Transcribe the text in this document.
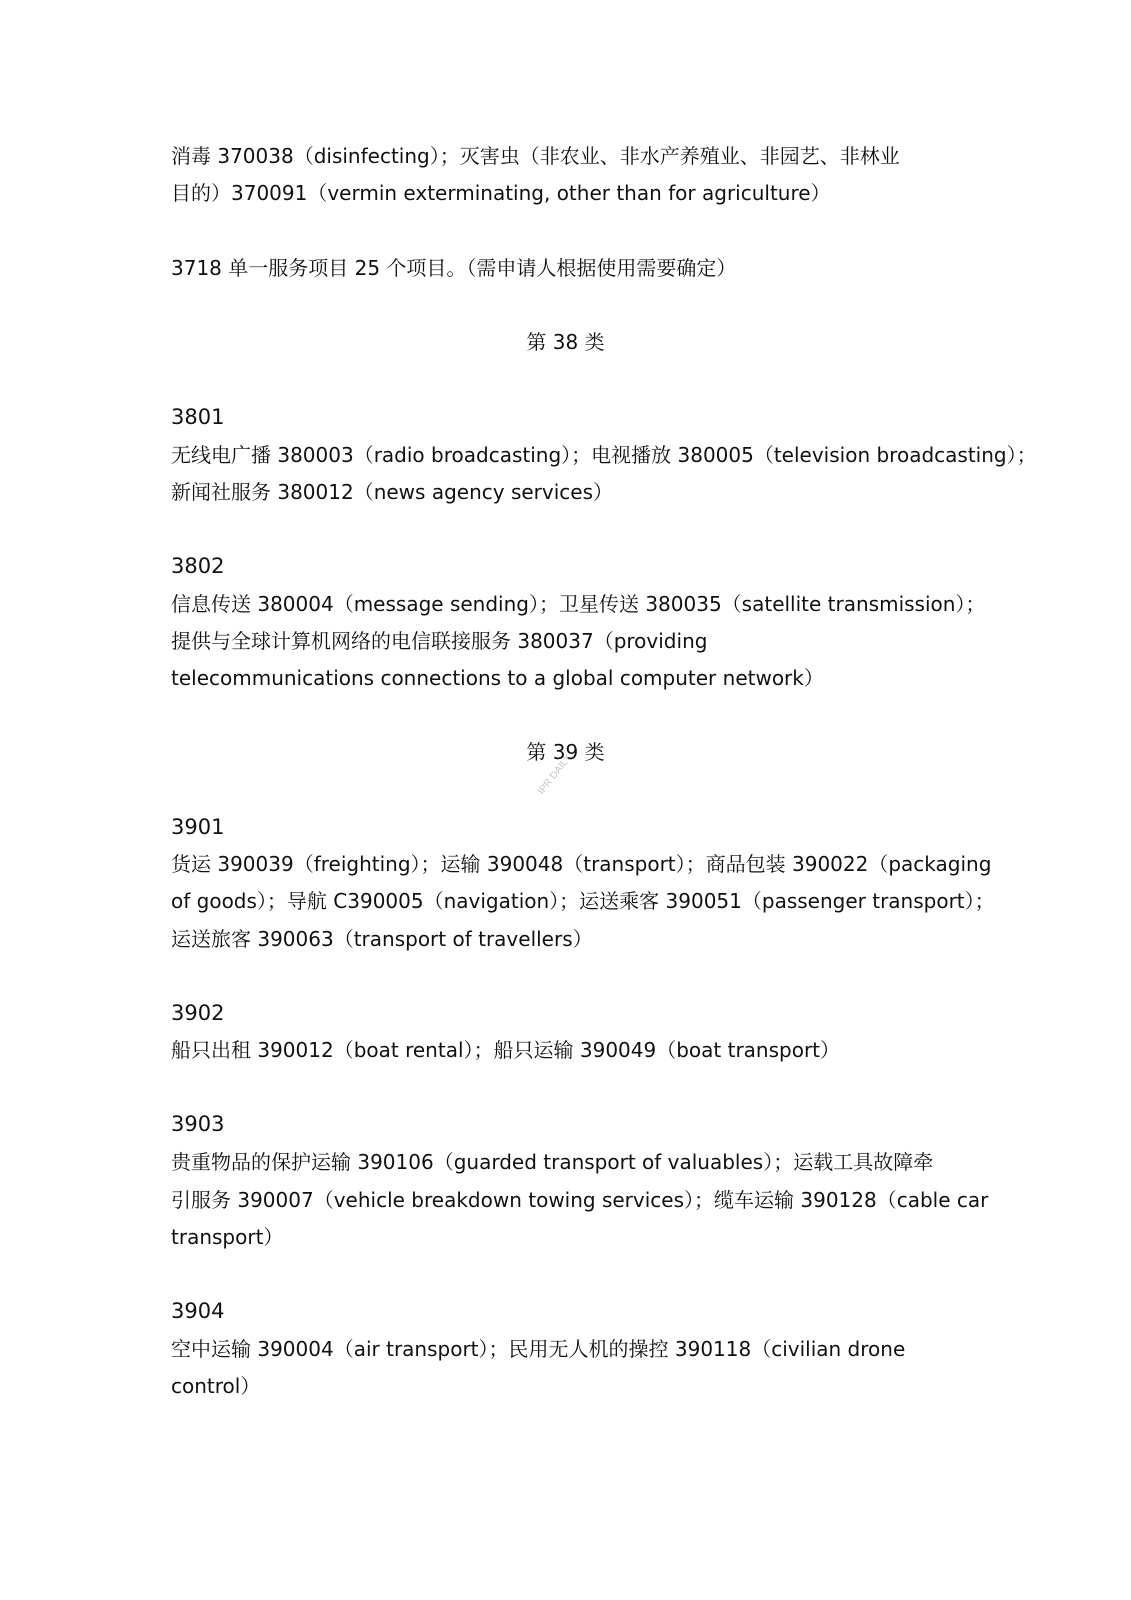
消毒 370038（disinfecting）；灭害虫（非农业、非水产养殖业、非园艺、非林业
目的）370091（vermin exterminating, other than for agriculture）
3718 单一服务项目 25 个项目。（需申请人根据使用需要确定）
第 38 类
3801
无线电广播 380003（radio broadcasting）；电视播放 380005（television broadcasting）；
新闻社服务 380012（news agency services）
3802
信息传送 380004（message sending）；卫星传送 380035（satellite transmission）；
提供与全球计算机网络的电信联接服务 380037（providing
telecommunications connections to a global computer network）
第 39 类
IPR DAILY
3901
货运 390039（freighting）；运输 390048（transport）；商品包装 390022（packaging
of goods）；导航 C390005（navigation）；运送乘客 390051（passenger transport）；
运送旅客 390063（transport of travellers）
3902
船只出租 390012（boat rental）；船只运输 390049（boat transport）
3903
贵重物品的保护运输 390106（guarded transport of valuables）；运载工具故障牵
引服务 390007（vehicle breakdown towing services）；缆车运输 390128（cable car
transport）
3904
空中运输 390004（air transport）；民用无人机的操控 390118（civilian drone
control）
